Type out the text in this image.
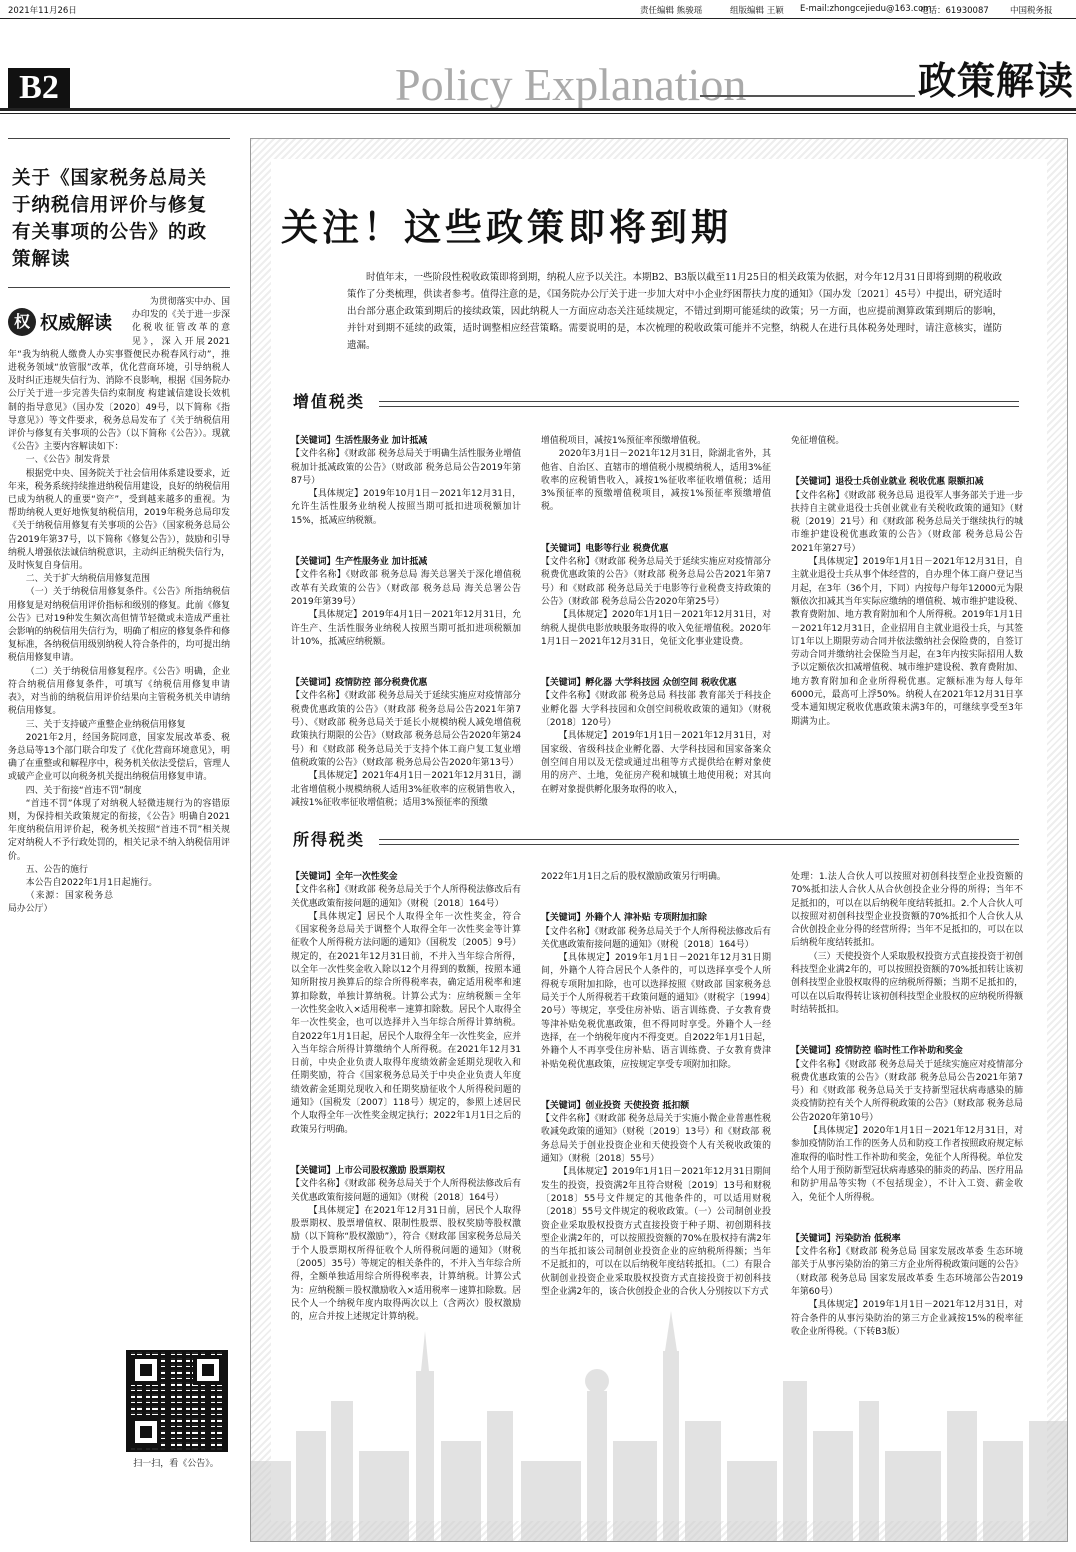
2021年11月26日	责任编辑 熊骏瑶	组版编辑 王颖 E-mail:zhongcejiedu@163.com
电话：61930087 中国税务报
B2	Policy Explanation	政策解读
关于《国家税务总局关于纳税信用评价与修复有关事项的公告》的政策解读
权 权威解读

为贯彻落实中办、国办印发的《关于进一步深化税收征管改革的意见》，深入开展2021年“我为纳税人缴费人办实事暨便民办税春风行动”，推进税务领域“放管服”改革，优化营商环境，引导纳税人及时纠正违规失信行为、消除不良影响，根据《国务院办公厅关于进一步完善失信约束制度 构建诚信建设长效机制的指导意见》（国办发〔2020〕49号，以下简称《指导意见》）等文件要求，税务总局发布了《关于纳税信用评价与修复有关事项的公告》（以下简称《公告》）。现就《公告》主要内容解读如下：

一、《公告》制发背景

根据党中央、国务院关于社会信用体系建设要求，近年来，税务系统持续推进纳税信用建设，良好的纳税信用已成为纳税人的重要“资产”，受到越来越多的重视。为帮助纳税人更好地恢复纳税信用，2019年税务总局印发《关于纳税信用修复有关事项的公告》（国家税务总局公告2019年第37号，以下简称《修复公告》），鼓励和引导纳税人增强依法诚信纳税意识，主动纠正纳税失信行为，及时恢复自身信用。

二、关于扩大纳税信用修复范围

（一）关于纳税信用修复条件。《公告》所指纳税信用修复是对纳税信用评价指标和级别的修复。此前《修复公告》已对19种发生频次高但情节轻微或未造成严重社会影响的纳税信用失信行为，明确了相应的修复条件和修复标准，各纳税信用级别纳税人符合条件的，均可提出纳税信用修复申请。

（二）关于纳税信用修复程序。《公告》明确，企业符合纳税信用修复条件，可填写《纳税信用修复申请表》，对当前的纳税信用评价结果向主管税务机关申请纳税信用修复。

三、关于支持破产重整企业纳税信用修复

2021年2月，经国务院同意，国家发展改革委、税务总局等13个部门联合印发了《优化营商环境意见》，明确了在重整或和解程序中，税务机关依法受偿后，管理人或破产企业可以向税务机关提出纳税信用修复申请。

四、关于衔接“首违不罚”制度

“首违不罚”体现了对纳税人轻微违规行为的容错原则，为保持相关政策规定的衔接，《公告》明确自2021年度纳税信用评价起，税务机关按照“首违不罚”相关规定对纳税人不予行政处罚的，相关记录不纳入纳税信用评价。

五、公告的施行

本公告自2022年1月1日起施行。

（来源：国家税务总局办公厅）

扫一扫，看《公告》。
关注！这些政策即将到期
时值年末，一些阶段性税收政策即将到期，纳税人应予以关注。本期B2、B3版以截至11月25日的相关政策为依据，对今年12月31日即将到期的税收政策作了分类梳理，供读者参考。值得注意的是，《国务院办公厅关于进一步加大对中小企业纾困帮扶力度的通知》（国办发〔2021〕45号）中提出，研究适时出台部分惠企政策到期后的接续政策，因此纳税人一方面应动态关注延续规定，不错过到期可能延续的政策；另一方面，也应提前测算政策到期后的影响，并针对到期不延续的政策，适时调整相应经营策略。需要说明的是，本次梳理的税收政策可能并不完整，纳税人在进行具体税务处理时，请注意核实，谨防遗漏。
增值税类

【关键词】生活性服务业 加计抵减

【文件名称】《财政部 税务总局关于明确生活性服务业增值税加计抵减政策的公告》（财政部 税务总局公告2019年第87号）

【具体规定】2019年10月1日－2021年12月31日，允许生活性服务业纳税人按照当期可抵扣进项税额加计15%，抵减应纳税额。

【关键词】生产性服务业 加计抵减

【文件名称】《财政部 税务总局 海关总署关于深化增值税改革有关政策的公告》（财政部 税务总局 海关总署公告2019年第39号）

【具体规定】2019年4月1日－2021年12月31日，允许生产、生活性服务业纳税人按照当期可抵扣进项税额加计10%，抵减应纳税额。

【关键词】疫情防控 部分税费优惠

【文件名称】《财政部 税务总局关于延续实施应对疫情部分税费优惠政策的公告》（财政部 税务总局公告2021年第7号）、《财政部 税务总局关于延长小规模纳税人减免增值税政策执行期限的公告》（财政部 税务总局公告2020年第24号）和《财政部 税务总局关于支持个体工商户复工复业增值税政策的公告》（财政部 税务总局公告2020年第13号）

【具体规定】2021年4月1日－2021年12月31日，湖北省增值税小规模纳税人适用3%征收率的应税销售收入，减按1%征收率征收增值税；适用3%预征率的预缴

增值税项目，减按1%预征率预缴增值税。

2020年3月1日－2021年12月31日，除湖北省外，其他省、自治区、直辖市的增值税小规模纳税人，适用3%征收率的应税销售收入，减按1%征收率征收增值税；适用3%预征率的预缴增值税项目，减按1%预征率预缴增值税。

【关键词】电影等行业 税费优惠

【文件名称】《财政部 税务总局关于延续实施应对疫情部分税费优惠政策的公告》（财政部 税务总局公告2021年第7号）和《财政部 税务总局关于电影等行业税费支持政策的公告》（财政部 税务总局公告2020年第25号）

【具体规定】2020年1月1日－2021年12月31日，对纳税人提供电影放映服务取得的收入免征增值税。2020年1月1日－2021年12月31日，免征文化事业建设费。

【关键词】孵化器 大学科技园 众创空间 税收优惠

【文件名称】《财政部 税务总局 科技部 教育部关于科技企业孵化器 大学科技园和众创空间税收政策的通知》（财税〔2018〕120号）

【具体规定】2019年1月1日－2021年12月31日，对国家级、省级科技企业孵化器、大学科技园和国家备案众创空间自用以及无偿或通过出租等方式提供给在孵对象使用的房产、土地，免征房产税和城镇土地使用税；对其向在孵对象提供孵化服务取得的收入，

免征增值税。

【关键词】退役士兵创业就业 税收优惠 限额扣减

【文件名称】《财政部 税务总局 退役军人事务部关于进一步扶持自主就业退役士兵创业就业有关税收政策的通知》（财税〔2019〕21号）和《财政部 税务总局关于继续执行的城市维护建设税优惠政策的公告》（财政部 税务总局公告2021年第27号）

【具体规定】2019年1月1日－2021年12月31日，自主就业退役士兵从事个体经营的，自办理个体工商户登记当月起，在3年（36个月，下同）内按每户每年12000元为限额依次扣减其当年实际应缴纳的增值税、城市维护建设税、教育费附加、地方教育附加和个人所得税。2019年1月1日－2021年12月31日，企业招用自主就业退役士兵，与其签订1年以上期限劳动合同并依法缴纳社会保险费的，自签订劳动合同并缴纳社会保险当月起，在3年内按实际招用人数予以定额依次扣减增值税、城市维护建设税、教育费附加、地方教育附加和企业所得税优惠。定额标准为每人每年6000元，最高可上浮50%。纳税人在2021年12月31日享受本通知规定税收优惠政策未满3年的，可继续享受至3年期满为止。

所得税类

【关键词】全年一次性奖金

【文件名称】《财政部 税务总局关于个人所得税法修改后有关优惠政策衔接问题的通知》（财税〔2018〕164号）

【具体规定】居民个人取得全年一次性奖金，符合《国家税务总局关于调整个人取得全年一次性奖金等计算征收个人所得税方法问题的通知》（国税发〔2005〕9号）规定的，在2021年12月31日前，不并入当年综合所得，以全年一次性奖金收入除以12个月得到的数额，按照本通知所附按月换算后的综合所得税率表，确定适用税率和速算扣除数，单独计算纳税。计算公式为：应纳税额＝全年一次性奖金收入×适用税率－速算扣除数。居民个人取得全年一次性奖金，也可以选择并入当年综合所得计算纳税。自2022年1月1日起，居民个人取得全年一次性奖金，应并入当年综合所得计算缴纳个人所得税。在2021年12月31日前，中央企业负责人取得年度绩效薪金延期兑现收入和任期奖励，符合《国家税务总局关于中央企业负责人年度绩效薪金延期兑现收入和任期奖励征收个人所得税问题的通知》（国税发〔2007〕118号）规定的，参照上述居民个人取得全年一次性奖金规定执行；2022年1月1日之后的政策另行明确。

【关键词】上市公司股权激励 股票期权

【文件名称】《财政部 税务总局关于个人所得税法修改后有关优惠政策衔接问题的通知》（财税〔2018〕164号）

【具体规定】在2021年12月31日前，居民个人取得股票期权、股票增值权、限制性股票、股权奖励等股权激励（以下简称“股权激励”），符合《财政部 国家税务总局关于个人股票期权所得征收个人所得税问题的通知》（财税〔2005〕35号）等规定的相关条件的，不并入当年综合所得，全额单独适用综合所得税率表，计算纳税。计算公式为：应纳税额＝股权激励收入×适用税率－速算扣除数。居民个人一个纳税年度内取得两次以上（含两次）股权激励的，应合并按上述规定计算纳税。

2022年1月1日之后的股权激励政策另行明确。

【关键词】外籍个人 津补贴 专项附加扣除

【文件名称】《财政部 税务总局关于个人所得税法修改后有关优惠政策衔接问题的通知》（财税〔2018〕164号）

【具体规定】2019年1月1日－2021年12月31日期间，外籍个人符合居民个人条件的，可以选择享受个人所得税专项附加扣除，也可以选择按照《财政部 国家税务总局关于个人所得税若干政策问题的通知》（财税字〔1994〕20号）等规定，享受住房补贴、语言训练费、子女教育费等津补贴免税优惠政策，但不得同时享受。外籍个人一经选择，在一个纳税年度内不得变更。自2022年1月1日起，外籍个人不再享受住房补贴、语言训练费、子女教育费津补贴免税优惠政策，应按规定享受专项附加扣除。

【关键词】创业投资 天使投资 抵扣额

【文件名称】《财政部 税务总局关于实施小微企业普惠性税收减免政策的通知》（财税〔2019〕13号）和《财政部 税务总局关于创业投资企业和天使投资个人有关税收政策的通知》（财税〔2018〕55号）

【具体规定】2019年1月1日－2021年12月31日期间发生的投资，投资满2年且符合财税〔2019〕13号和财税〔2018〕55号文件规定的其他条件的，可以适用财税〔2018〕55号文件规定的税收政策。（一）公司制创业投资企业采取股权投资方式直接投资于种子期、初创期科技型企业满2年的，可以按照投资额的70%在股权持有满2年的当年抵扣该公司制创业投资企业的应纳税所得额；当年不足抵扣的，可以在以后纳税年度结转抵扣。（二）有限合伙制创业投资企业采取股权投资方式直接投资于初创科技型企业满2年的，该合伙创投企业的合伙人分别按以下方式

处理：1.法人合伙人可以按照对初创科技型企业投资额的70%抵扣法人合伙人从合伙创投企业分得的所得；当年不足抵扣的，可以在以后纳税年度结转抵扣。2.个人合伙人可以按照对初创科技型企业投资额的70%抵扣个人合伙人从合伙创投企业分得的经营所得；当年不足抵扣的，可以在以后纳税年度结转抵扣。

（三）天使投资个人采取股权投资方式直接投资于初创科技型企业满2年的，可以按照投资额的70%抵扣转让该初创科技型企业股权取得的应纳税所得额；当期不足抵扣的，可以在以后取得转让该初创科技型企业股权的应纳税所得额时结转抵扣。

【关键词】疫情防控 临时性工作补助和奖金

【文件名称】《财政部 税务总局关于延续实施应对疫情部分税费优惠政策的公告》（财政部 税务总局公告2021年第7号）和《财政部 税务总局关于支持新型冠状病毒感染的肺炎疫情防控有关个人所得税政策的公告》（财政部 税务总局公告2020年第10号）

【具体规定】2020年1月1日－2021年12月31日，对参加疫情防治工作的医务人员和防疫工作者按照政府规定标准取得的临时性工作补助和奖金，免征个人所得税。单位发给个人用于预防新型冠状病毒感染的肺炎的药品、医疗用品和防护用品等实物（不包括现金），不计入工资、薪金收入，免征个人所得税。

【关键词】污染防治 低税率

【文件名称】《财政部 税务总局 国家发展改革委 生态环境部关于从事污染防治的第三方企业所得税政策问题的公告》（财政部 税务总局 国家发展改革委 生态环境部公告2019年第60号）

【具体规定】2019年1月1日－2021年12月31日，对符合条件的从事污染防治的第三方企业减按15%的税率征收企业所得税。（下转B3版）
